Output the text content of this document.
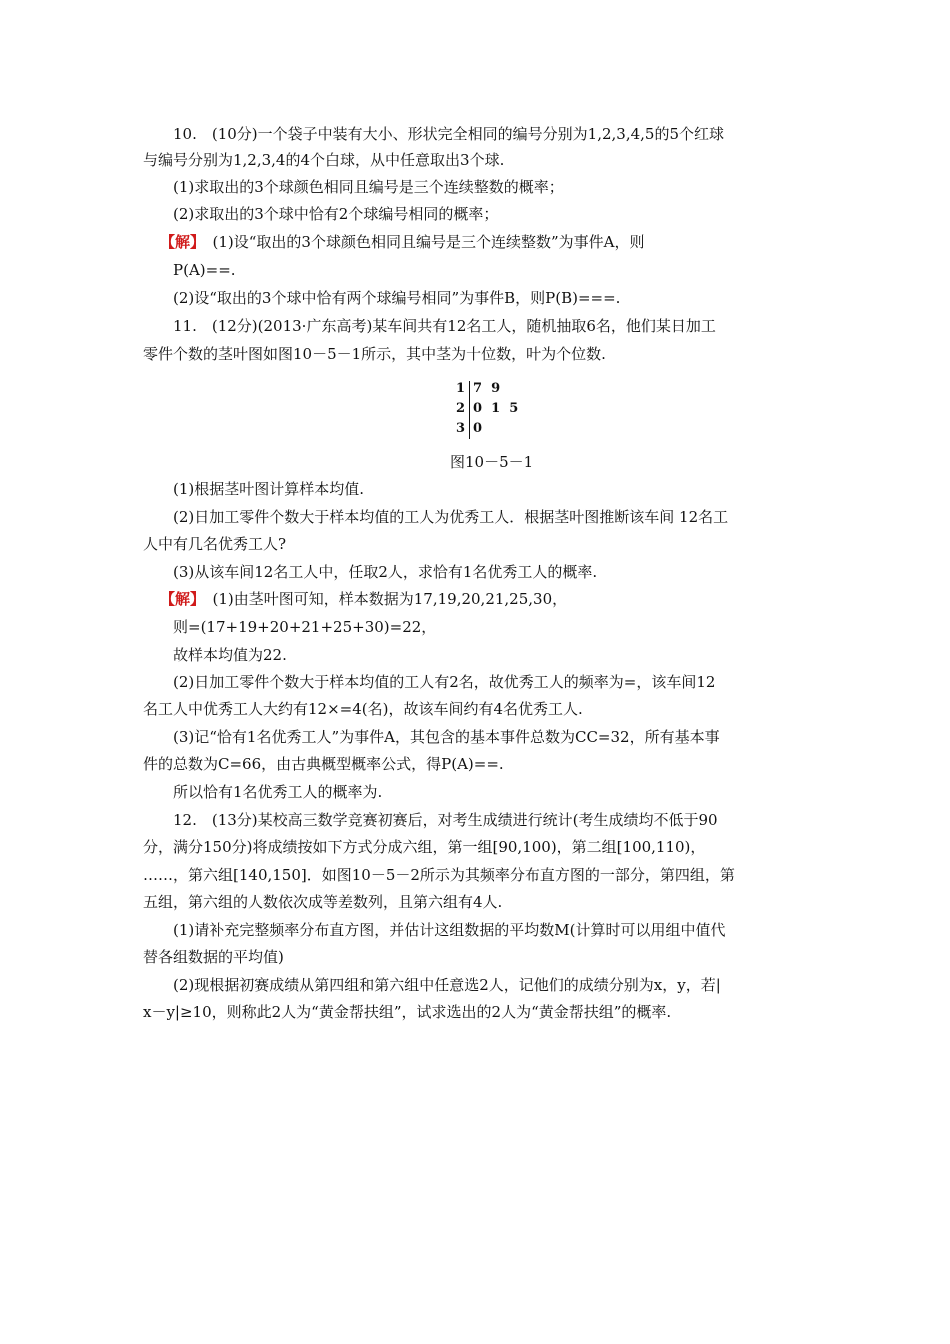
10.　(10分)一个袋子中装有大小、形状完全相同的编号分别为1,2,3,4,5的5个红球
与编号分别为1,2,3,4的4个白球，从中任意取出3个球.
(1)求取出的3个球颜色相同且编号是三个连续整数的概率；
(2)求取出的3个球中恰有2个球编号相同的概率；
【解】　(1)设“取出的3个球颜色相同且编号是三个连续整数”为事件A，则
P(A)==.
(2)设“取出的3个球中恰有两个球编号相同”为事件B，则P(B)===.
11.　(12分)(2013·广东高考)某车间共有12名工人，随机抽取6名，他们某日加工
零件个数的茎叶图如图10－5－1所示，其中茎为十位数，叶为个位数.
1 7  9
2 0  1  5
3 0
图10－5－1
(1)根据茎叶图计算样本均值.
(2)日加工零件个数大于样本均值的工人为优秀工人．根据茎叶图推断该车间 12名工
人中有几名优秀工人?
(3)从该车间12名工人中，任取2人，求恰有1名优秀工人的概率.
【解】　(1)由茎叶图可知，样本数据为17,19,20,21,25,30，
则=(17+19+20+21+25+30)=22，
故样本均值为22.
(2)日加工零件个数大于样本均值的工人有2名，故优秀工人的频率为=，该车间12
名工人中优秀工人大约有12×=4(名)，故该车间约有4名优秀工人.
(3)记“恰有1名优秀工人”为事件A，其包含的基本事件总数为CC=32，所有基本事
件的总数为C=66，由古典概型概率公式，得P(A)==.
所以恰有1名优秀工人的概率为.
12.　(13分)某校高三数学竞赛初赛后，对考生成绩进行统计(考生成绩均不低于90
分，满分150分)将成绩按如下方式分成六组，第一组[90,100)，第二组[100,110)，
……，第六组[140,150]．如图10－5－2所示为其频率分布直方图的一部分，第四组，第
五组，第六组的人数依次成等差数列，且第六组有4人.
(1)请补充完整频率分布直方图，并估计这组数据的平均数M(计算时可以用组中值代
替各组数据的平均值)
(2)现根据初赛成绩从第四组和第六组中任意选2人，记他们的成绩分别为x，y，若|
x－y|≥10，则称此2人为“黄金帮扶组”，试求选出的2人为“黄金帮扶组”的概率.
